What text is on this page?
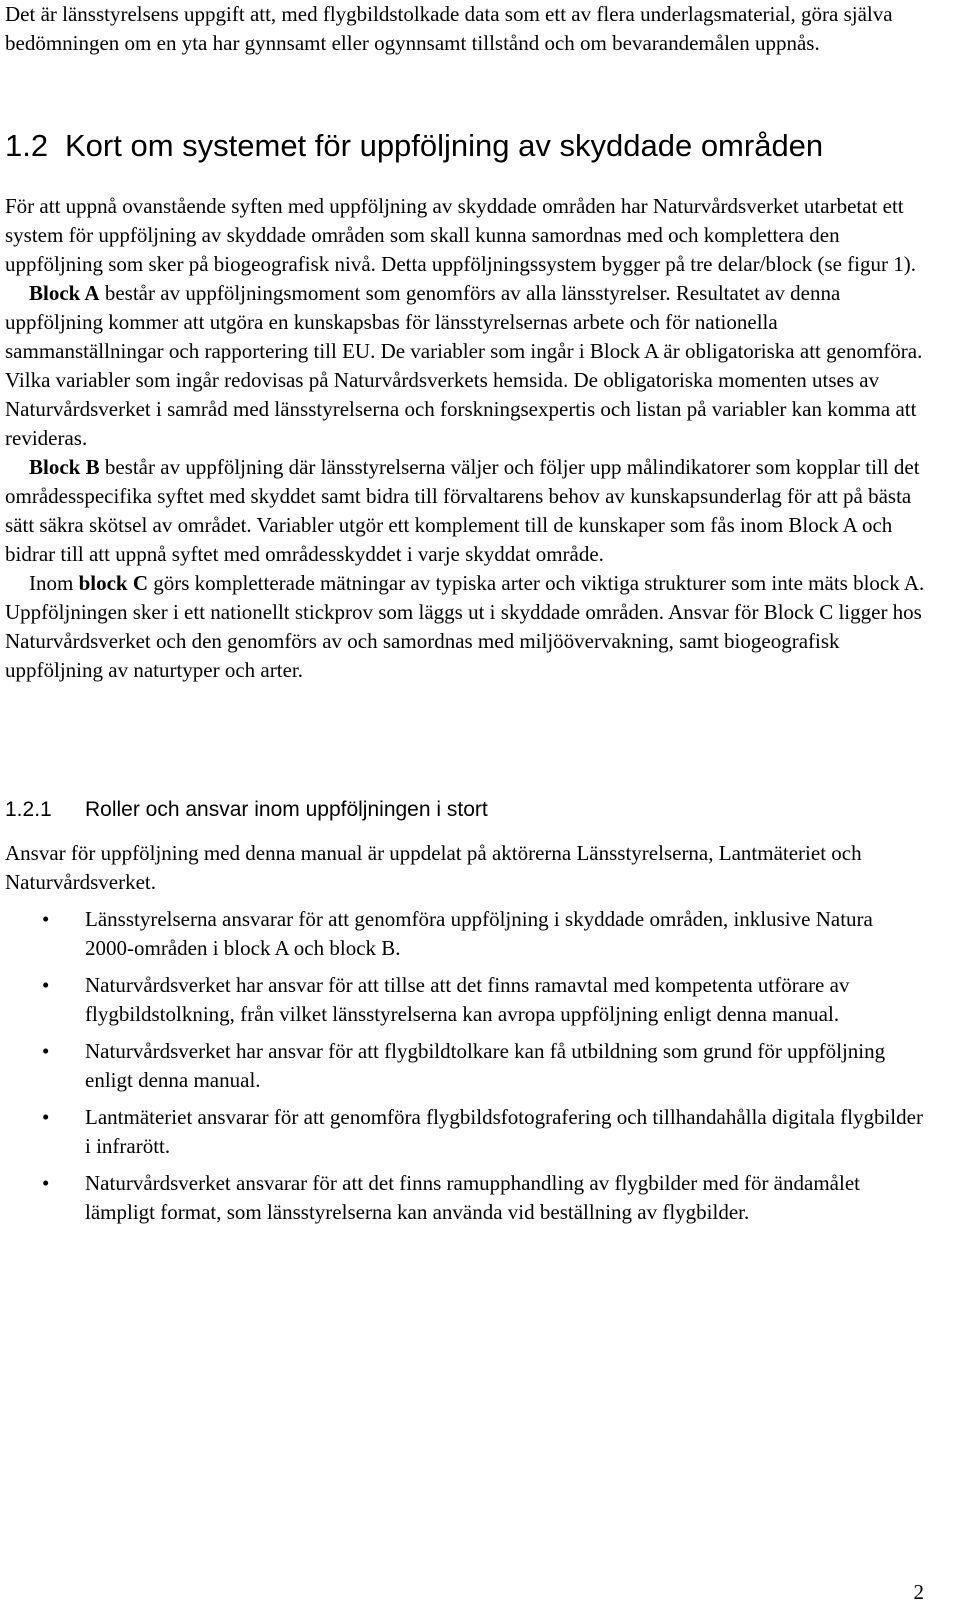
Det är länsstyrelsens uppgift att, med flygbildstolkade data som ett av flera underlagsmaterial, göra själva bedömningen om en yta har gynnsamt eller ogynnsamt tillstånd och om bevarandemålen uppnås.

1.2 Kort om systemet för uppföljning av skyddade områden

För att uppnå ovanstående syften med uppföljning av skyddade områden har Naturvårdsverket utarbetat ett system för uppföljning av skyddade områden som skall kunna samordnas med och komplettera den uppföljning som sker på biogeografisk nivå. Detta uppföljningssystem bygger på tre delar/block (se figur 1).

Block A består av uppföljningsmoment som genomförs av alla länsstyrelser. Resultatet av denna uppföljning kommer att utgöra en kunskapsbas för länsstyrelsernas arbete och för nationella sammanställningar och rapportering till EU. De variabler som ingår i Block A är obligatoriska att genomföra. Vilka variabler som ingår redovisas på Naturvårdsverkets hemsida. De obligatoriska momenten utses av Naturvårdsverket i samråd med länsstyrelserna och forskningsexpertis och listan på variabler kan komma att revideras.

Block B består av uppföljning där länsstyrelserna väljer och följer upp målindikatorer som kopplar till det områdesspecifika syftet med skyddet samt bidra till förvaltarens behov av kunskapsunderlag för att på bästa sätt säkra skötsel av området. Variabler utgör ett komplement till de kunskaper som fås inom Block A och bidrar till att uppnå syftet med områdesskyddet i varje skyddat område.

Inom block C görs kompletterade mätningar av typiska arter och viktiga strukturer som inte mäts block A. Uppföljningen sker i ett nationellt stickprov som läggs ut i skyddade områden. Ansvar för Block C ligger hos Naturvårdsverket och den genomförs av och samordnas med miljöövervakning, samt biogeografisk uppföljning av naturtyper och arter.

1.2.1 Roller och ansvar inom uppföljningen i stort

Ansvar för uppföljning med denna manual är uppdelat på aktörerna Länsstyrelserna, Lantmäteriet och Naturvårdsverket.

• Länsstyrelserna ansvarar för att genomföra uppföljning i skyddade områden, inklusive Natura 2000-områden i block A och block B.
• Naturvårdsverket har ansvar för att tillse att det finns ramavtal med kompetenta utförare av flygbildstolkning, från vilket länsstyrelserna kan avropa uppföljning enligt denna manual.
• Naturvårdsverket har ansvar för att flygbildtolkare kan få utbildning som grund för uppföljning enligt denna manual.
• Lantmäteriet ansvarar för att genomföra flygbildsfotografering och tillhandahålla digitala flygbilder i infrarött.
• Naturvårdsverket ansvarar för att det finns ramupphandling av flygbilder med för ändamålet lämpligt format, som länsstyrelserna kan använda vid beställning av flygbilder.
2
